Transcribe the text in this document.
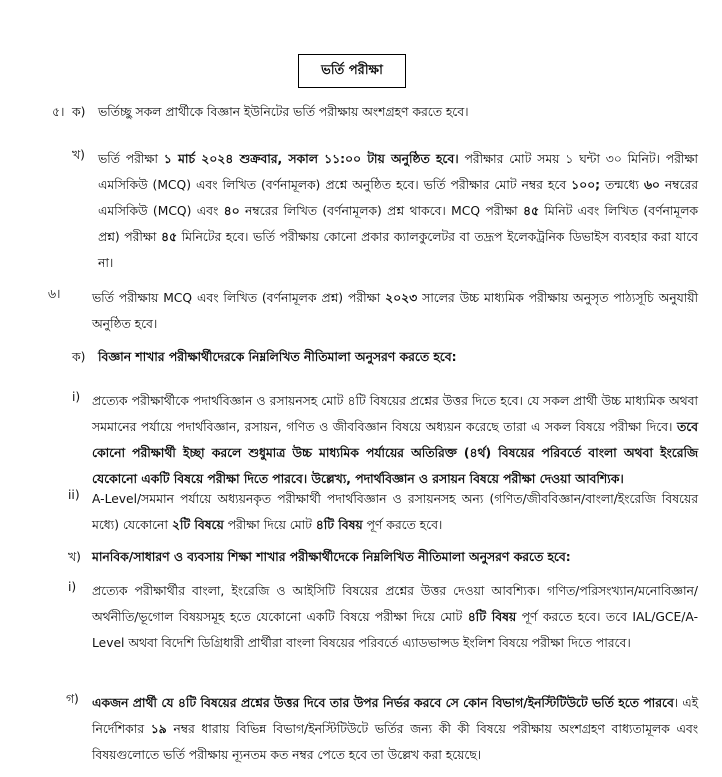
ভর্তি পরীক্ষা
৫। ক) ভর্তিচ্ছু সকল প্রার্থীকে বিজ্ঞান ইউনিটের ভর্তি পরীক্ষায় অংশগ্রহণ করতে হবে।
খ) ভর্তি পরীক্ষা ১ মার্চ ২০২৪ শুক্রবার, সকাল ১১:০০ টায় অনুষ্ঠিত হবে। পরীক্ষার মোট সময় ১ ঘন্টা ৩০ মিনিট। পরীক্ষা এমসিকিউ (MCQ) এবং লিখিত (বর্ণনামূলক) প্রশ্নে অনুষ্ঠিত হবে। ভর্তি পরীক্ষার মোট নম্বর হবে ১০০; তন্মধ্যে ৬০ নম্বরের এমসিকিউ (MCQ) এবং ৪০ নম্বরের লিখিত (বর্ণনামূলক) প্রশ্ন থাকবে। MCQ পরীক্ষা ৪৫ মিনিট এবং লিখিত (বর্ণনামূলক প্রশ্ন) পরীক্ষা ৪৫ মিনিটের হবে। ভর্তি পরীক্ষায় কোনো প্রকার ক্যালকুলেটর বা তদ্রূপ ইলেকট্রনিক ডিভাইস ব্যবহার করা যাবে না।

৬।	ভর্তি পরীক্ষায় MCQ এবং লিখিত (বর্ণনামূলক প্রশ্ন) পরীক্ষা ২০২৩ সালের উচ্চ মাধ্যমিক পরীক্ষায় অনুসৃত পাঠ্যসূচি অনুযায়ী অনুষ্ঠিত হবে।

ক) বিজ্ঞান শাখার পরীক্ষার্থীদেরকে নিম্নলিখিত নীতিমালা অনুসরণ করতে হবে:
i) প্রত্যেক পরীক্ষার্থীকে পদার্থবিজ্ঞান ও রসায়নসহ মোট ৪টি বিষয়ের প্রশ্নের উত্তর দিতে হবে। যে সকল প্রার্থী উচ্চ মাধ্যমিক অথবা সমমানের পর্যায়ে পদার্থবিজ্ঞান, রসায়ন, গণিত ও জীববিজ্ঞান বিষয়ে অধ্যয়ন করেছে তারা এ সকল বিষয়ে পরীক্ষা দিবে। তবে কোনো পরীক্ষার্থী ইচ্ছা করলে শুধুমাত্র উচ্চ মাধ্যমিক পর্যায়ের অতিরিক্ত (৪র্থ) বিষয়ের পরিবর্তে বাংলা অথবা ইংরেজি যেকোনো একটি বিষয়ে পরীক্ষা দিতে পারবে। উল্লেখ্য, পদার্থবিজ্ঞান ও রসায়ন বিষয়ে পরীক্ষা দেওয়া আবশ্যিক।

ii) A-Level/সমমান পর্যায়ে অধ্যয়নকৃত পরীক্ষার্থী পদার্থবিজ্ঞান ও রসায়নসহ অন্য (গণিত/জীববিজ্ঞান/বাংলা/ইংরেজি বিষয়ের মধ্যে) যেকোনো ২টি বিষয়ে পরীক্ষা দিয়ে মোট ৪টি বিষয় পূর্ণ করতে হবে।

খ) মানবিক/সাধারণ ও ব্যবসায় শিক্ষা শাখার পরীক্ষার্থীদেকে নিম্নলিখিত নীতিমালা অনুসরণ করতে হবে:
i) প্রত্যেক পরীক্ষার্থীর বাংলা, ইংরেজি ও আইসিটি বিষয়ের প্রশ্নের উত্তর দেওয়া আবশ্যিক। গণিত/পরিসংখ্যান/মনোবিজ্ঞান/অর্থনীতি/ভূগোল বিষয়সমূহ হতে যেকোনো একটি বিষয়ে পরীক্ষা দিয়ে মোট ৪টি বিষয় পূর্ণ করতে হবে। তবে IAL/GCE/A-Level অথবা বিদেশি ডিগ্রিধারী প্রার্থীরা বাংলা বিষয়ের পরিবর্তে এ্যাডভান্সড ইংলিশ বিষয়ে পরীক্ষা দিতে পারবে।

গ) একজন প্রার্থী যে ৪টি বিষয়ের প্রশ্নের উত্তর দিবে তার উপর নির্ভর করবে সে কোন বিভাগ/ইনস্টিটিউটে ভর্তি হতে পারবে। এই নির্দেশিকার ১৯ নম্বর ধারায় বিভিন্ন বিভাগ/ইনস্টিটিউটে ভর্তির জন্য কী কী বিষয়ে পরীক্ষায় অংশগ্রহণ বাধ্যতামূলক এবং বিষয়গুলোতে ভর্তি পরীক্ষায় ন্যূনতম কত নম্বর পেতে হবে তা উল্লেখ করা হয়েছে।
